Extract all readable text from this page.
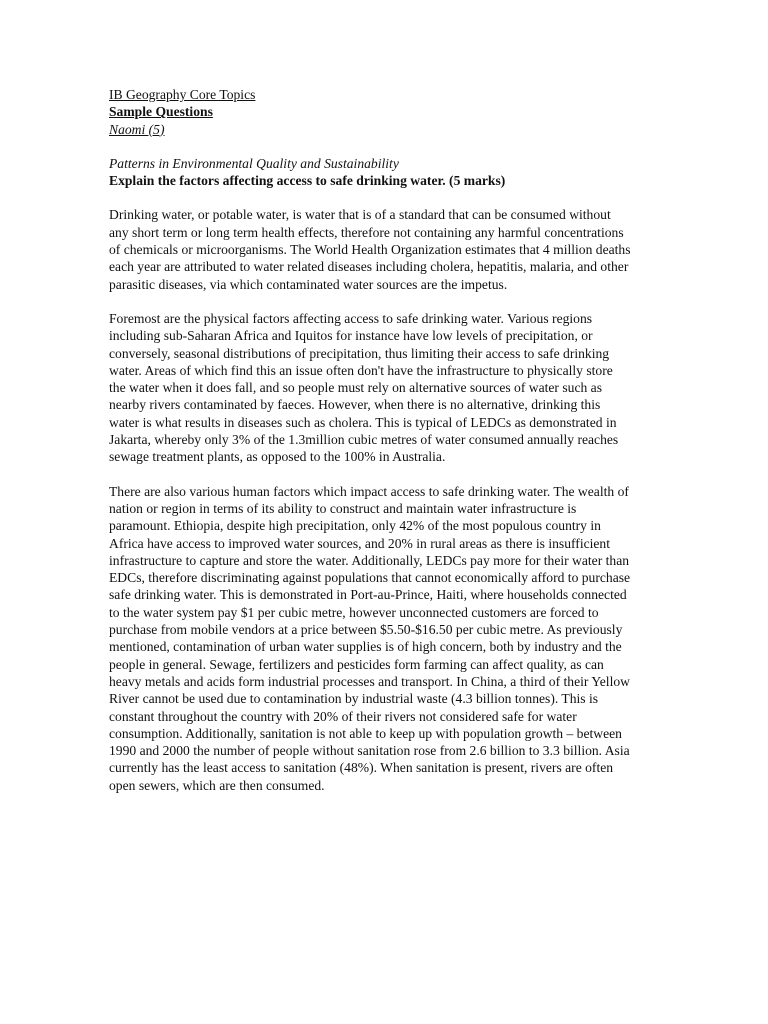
IB Geography Core Topics

Sample Questions

Naomi (5)

Patterns in Environmental Quality and Sustainability

Explain the factors affecting access to safe drinking water. (5 marks)

Drinking water, or potable water, is water that is of a standard that can be consumed without any short term or long term health effects, therefore not containing any harmful concentrations of chemicals or microorganisms. The World Health Organization estimates that 4 million deaths each year are attributed to water related diseases including cholera, hepatitis, malaria, and other parasitic diseases, via which contaminated water sources are the impetus.

Foremost are the physical factors affecting access to safe drinking water. Various regions including sub-Saharan Africa and Iquitos for instance have low levels of precipitation, or conversely, seasonal distributions of precipitation, thus limiting their access to safe drinking water. Areas of which find this an issue often don't have the infrastructure to physically store the water when it does fall, and so people must rely on alternative sources of water such as nearby rivers contaminated by faeces. However, when there is no alternative, drinking this water is what results in diseases such as cholera. This is typical of LEDCs as demonstrated in Jakarta, whereby only 3% of the 1.3million cubic metres of water consumed annually reaches sewage treatment plants, as opposed to the 100% in Australia.

There are also various human factors which impact access to safe drinking water. The wealth of nation or region in terms of its ability to construct and maintain water infrastructure is paramount. Ethiopia, despite high precipitation, only 42% of the most populous country in Africa have access to improved water sources, and 20% in rural areas as there is insufficient infrastructure to capture and store the water. Additionally, LEDCs pay more for their water than EDCs, therefore discriminating against populations that cannot economically afford to purchase safe drinking water. This is demonstrated in Port-au-Prince, Haiti, where households connected to the water system pay $1 per cubic metre, however unconnected customers are forced to purchase from mobile vendors at a price between $5.50-$16.50 per cubic metre. As previously mentioned, contamination of urban water supplies is of high concern, both by industry and the people in general. Sewage, fertilizers and pesticides form farming can affect quality, as can heavy metals and acids form industrial processes and transport. In China, a third of their Yellow River cannot be used due to contamination by industrial waste (4.3 billion tonnes). This is constant throughout the country with 20% of their rivers not considered safe for water consumption. Additionally, sanitation is not able to keep up with population growth – between 1990 and 2000 the number of people without sanitation rose from 2.6 billion to 3.3 billion. Asia currently has the least access to sanitation (48%). When sanitation is present, rivers are often open sewers, which are then consumed.
